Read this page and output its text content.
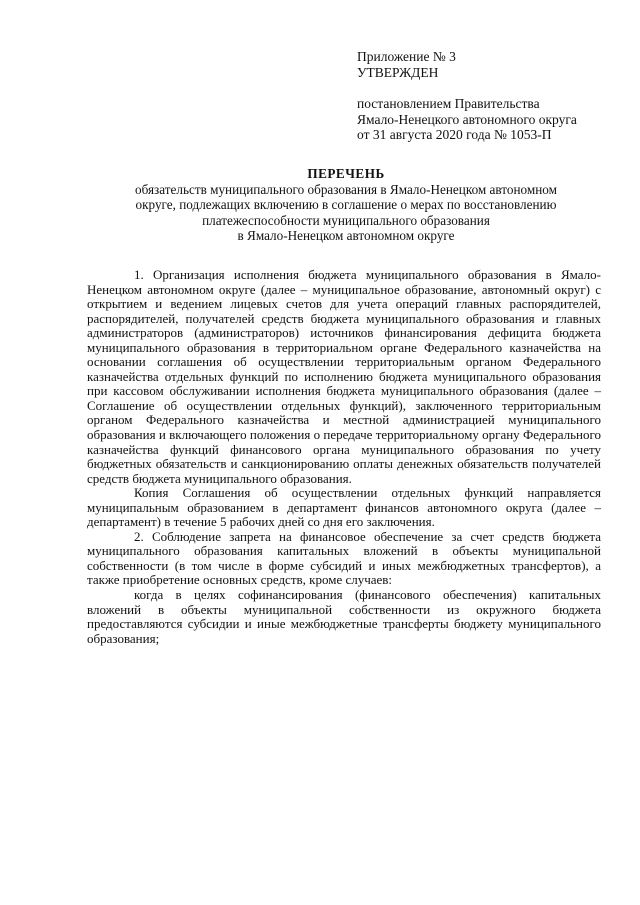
Приложение № 3
УТВЕРЖДЕН
постановлением Правительства
Ямало-Ненецкого автономного округа
от 31 августа 2020 года № 1053-П
ПЕРЕЧЕНЬ
обязательств муниципального образования в Ямало-Ненецком автономном
округе, подлежащих включению в соглашение о мерах по восстановлению
платежеспособности муниципального образования
в Ямало-Ненецком автономном округе

1. Организация исполнения бюджета муниципального образования в Ямало-Ненецком автономном округе (далее – муниципальное образование, автономный округ) с открытием и ведением лицевых счетов для учета операций главных распорядителей, распорядителей, получателей средств бюджета муниципального образования и главных администраторов (администраторов) источников финансирования дефицита бюджета муниципального образования в территориальном органе Федерального казначейства на основании соглашения об осуществлении территориальным органом Федерального казначейства отдельных функций по исполнению бюджета муниципального образования при кассовом обслуживании исполнения бюджета муниципального образования (далее – Соглашение об осуществлении отдельных функций), заключенного территориальным органом Федерального казначейства и местной администрацией муниципального образования и включающего положения о передаче территориальному органу Федерального казначейства функций финансового органа муниципального образования по учету бюджетных обязательств и санкционированию оплаты денежных обязательств получателей средств бюджета муниципального образования.

Копия Соглашения об осуществлении отдельных функций направляется муниципальным образованием в департамент финансов автономного округа (далее – департамент) в течение 5 рабочих дней со дня его заключения.

2. Соблюдение запрета на финансовое обеспечение за счет средств бюджета муниципального образования капитальных вложений в объекты муниципальной собственности (в том числе в форме субсидий и иных межбюджетных трансфертов), а также приобретение основных средств, кроме случаев:

когда в целях софинансирования (финансового обеспечения) капитальных вложений в объекты муниципальной собственности из окружного бюджета предоставляются субсидии и иные межбюджетные трансферты бюджету муниципального образования;
